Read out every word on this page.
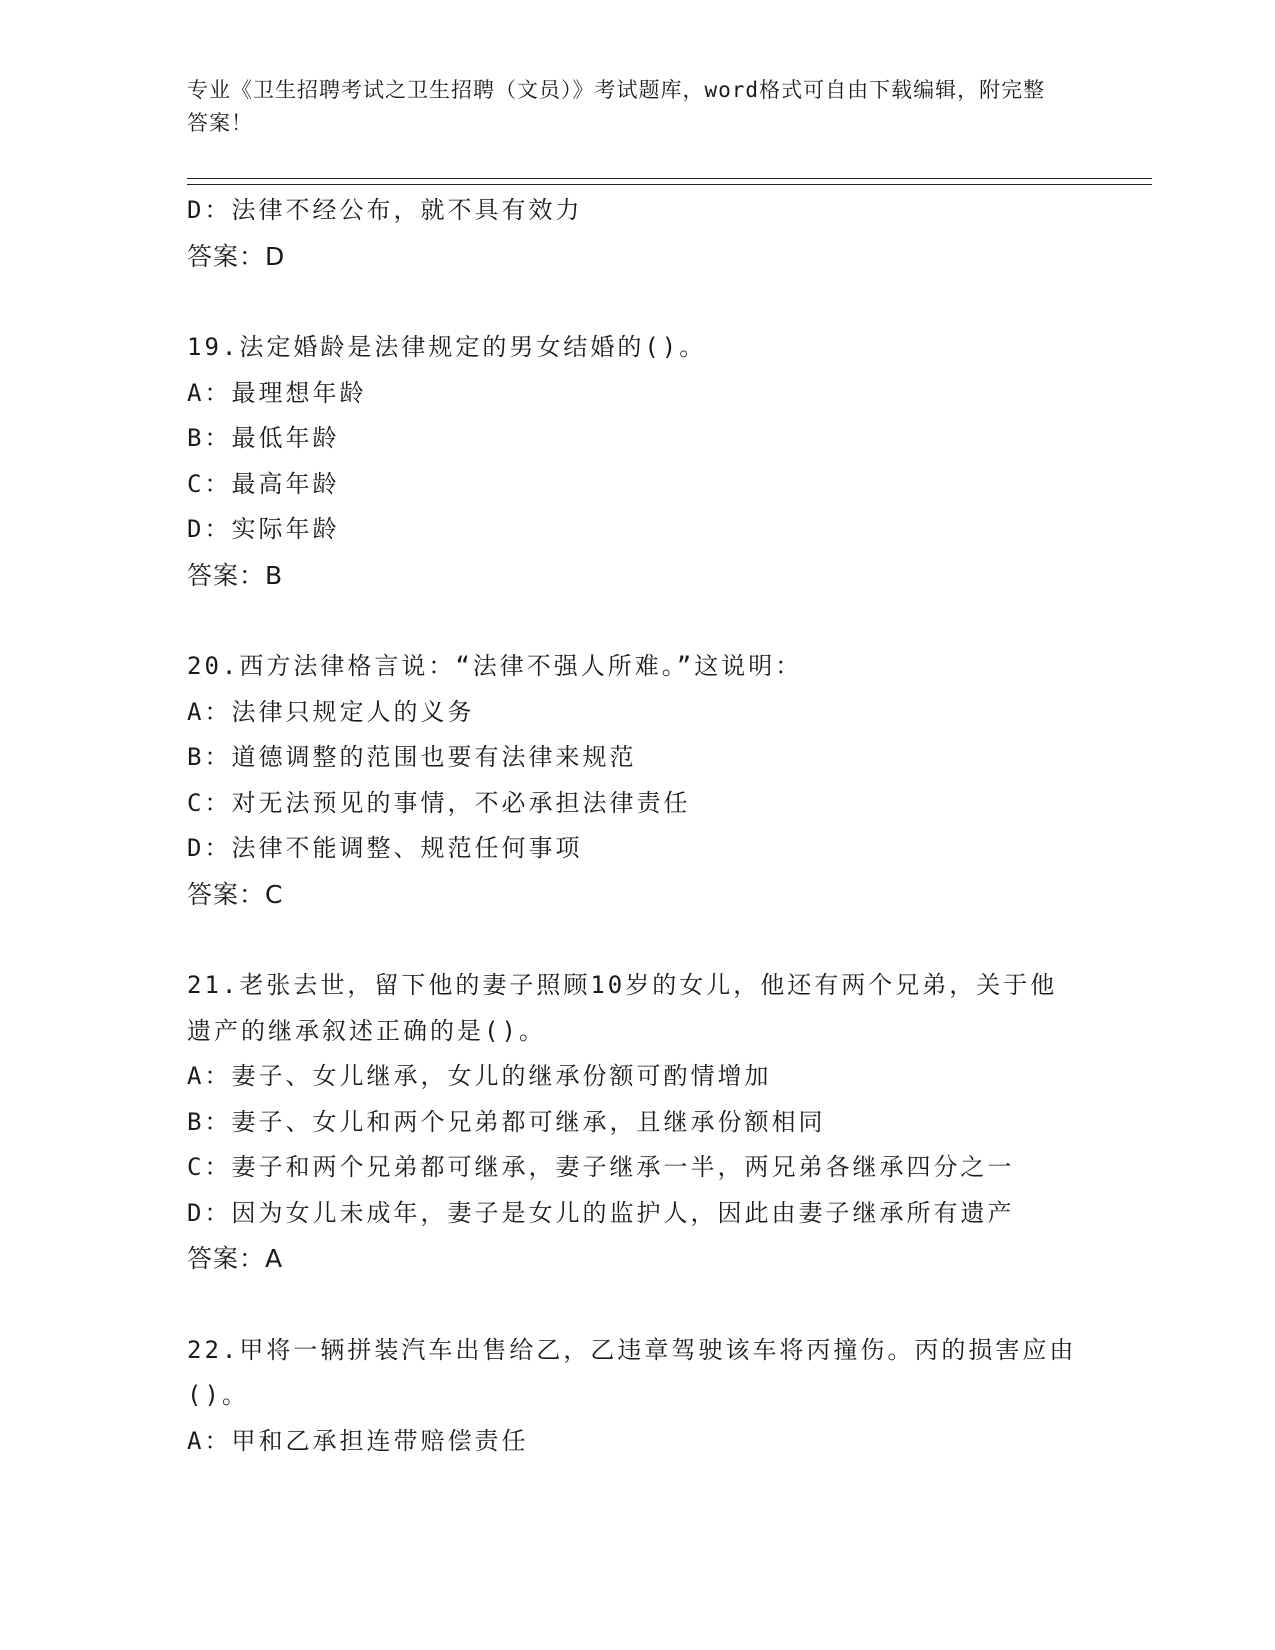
专业《卫生招聘考试之卫生招聘（文员）》考试题库，word格式可自由下载编辑，附完整答案！
D：法律不经公布，就不具有效力
答案：D
19.法定婚龄是法律规定的男女结婚的()。
A：最理想年龄
B：最低年龄
C：最高年龄
D：实际年龄
答案：B
20.西方法律格言说：“法律不强人所难。”这说明：
A：法律只规定人的义务
B：道德调整的范围也要有法律来规范
C：对无法预见的事情，不必承担法律责任
D：法律不能调整、规范任何事项
答案：C
21.老张去世，留下他的妻子照顾10岁的女儿，他还有两个兄弟，关于他遗产的继承叙述正确的是()。
A：妻子、女儿继承，女儿的继承份额可酌情增加
B：妻子、女儿和两个兄弟都可继承，且继承份额相同
C：妻子和两个兄弟都可继承，妻子继承一半，两兄弟各继承四分之一
D：因为女儿未成年，妻子是女儿的监护人，因此由妻子继承所有遗产
答案：A
22.甲将一辆拼装汽车出售给乙，乙违章驾驶该车将丙撞伤。丙的损害应由()。
A：甲和乙承担连带赔偿责任
